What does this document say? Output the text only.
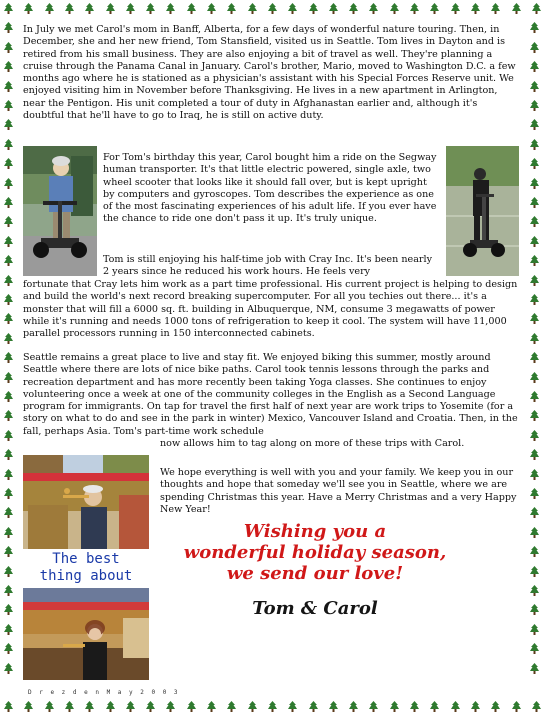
In July we met Carol's mom in Banff, Alberta, for a few days of wonderful nature touring. Then, in December, she and her new friend, Tom Stansfield, visited us in Seattle. Tom lives in Dayton and is retired from his small business. They are also enjoying a bit of travel as well. They're planning a cruise through the Panama Canal in January. Carol's brother, Mario, moved to Washington D.C. a few months ago where he is stationed as a physician's assistant with his Special Forces Reserve unit. We enjoyed visiting him in November before Thanksgiving. He lives in a new apartment in Arlington, near the Pentigon. His unit completed a tour of duty in Afghanastan earlier and, although it's doubtful that he'll have to go to Iraq, he is still on active duty.
For Tom's birthday this year, Carol bought him a ride on the Segway human transporter. It's that little electric powered, single axle, two wheel scooter that looks like it should fall over, but is kept upright by computers and gyroscopes. Tom describes the experience as one of the most fascinating experiences of his adult life. If you ever have the chance to ride one don't pass it up. It's truly unique.
Tom is still enjoying his half-time job with Cray Inc. It's been nearly 2 years since he reduced his work hours. He feels very
fortunate that Cray lets him work as a part time professional. His current project is helping to design and build the world's next record breaking supercomputer. For all you techies out there... it's a monster that will fill a 6000 sq. ft. building in Albuquerque, NM, consume 3 megawatts of power while it's running and needs 1000 tons of refrigeration to keep it cool. The system will have 11,000 parallel processors running in 150 interconnected cabinets.
Seattle remains a great place to live and stay fit. We enjoyed biking this summer, mostly around Seattle where there are lots of nice bike paths. Carol took tennis lessons through the parks and recreation department and has more recently been taking Yoga classes. She continues to enjoy volunteering once a week at one of the community colleges in the English as a Second Language program for immigrants. On tap for travel the first half of next year are work trips to Yosemite (for a story on what to do and see in the park in winter) Mexico, Vancouver Island and Croatia. Then, in the fall, perhaps Asia. Tom's part-time work schedule
now allows him to tag along on more of these trips with Carol.
The best
thing about
We hope everything is well with you and your family. We keep you in our thoughts and hope that someday we'll see you in Seattle, where we are spending Christmas this year. Have a Merry Christmas and a very Happy New Year!
Wishing you a
wonderful holiday season,
we send our love!
Tom & Carol
D r e z d e n M a y 2 0 0 3
